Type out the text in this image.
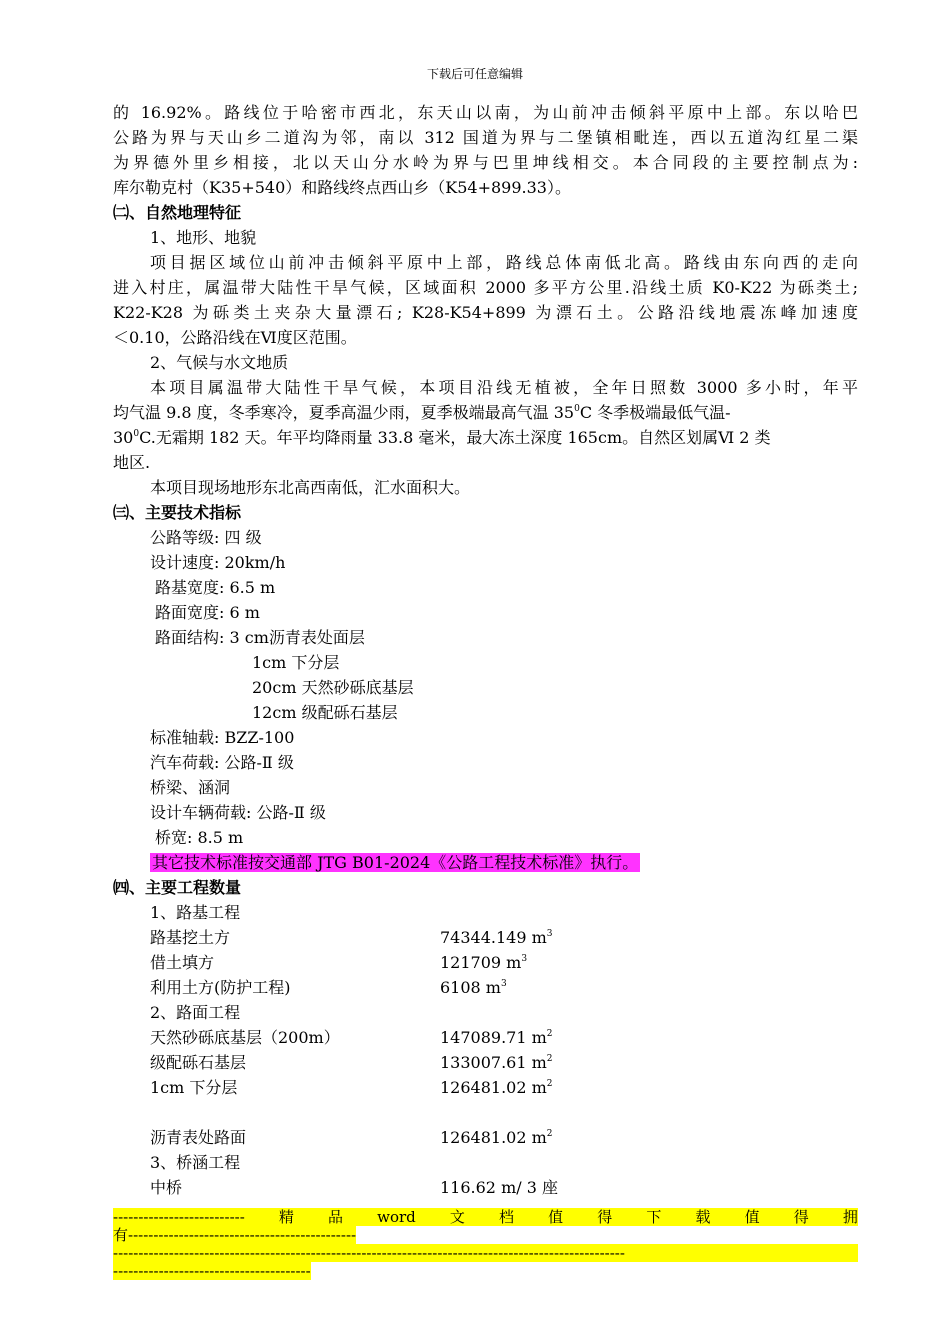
下载后可任意编辑
的 16.92%。路线位于哈密市西北，东天山以南，为山前冲击倾斜平原中上部。东以哈巴
公路为界与天山乡二道沟为邻，南以 312 国道为界与二堡镇相毗连，西以五道沟红星二渠
为界德外里乡相接，北以天山分水岭为界与巴里坤线相交。本合同段的主要控制点为:
库尔勒克村（K35+540）和路线终点西山乡（K54+899.33）。
㈡、自然地理特征
1、地形、地貌
项目据区域位山前冲击倾斜平原中上部，路线总体南低北高。路线由东向西的走向
进入村庄，属温带大陆性干旱气候，区域面积 2000 多平方公里.沿线土质 K0-K22 为砾类土;
K22-K28 为砾类土夹杂大量漂石; K28-K54+899 为漂石土。公路沿线地震冻峰加速度
＜0.10，公路沿线在Ⅵ度区范围。
2、气候与水文地质
本项目属温带大陆性干旱气候，本项目沿线无植被，全年日照数 3000 多小时，年平
均气温 9.8 度，冬季寒冷，夏季高温少雨，夏季极端最高气温 $35^0C$ 冬季极端最低气温-
$30^0C$.无霜期 182 天。年平均降雨量 33.8 毫米，最大冻土深度 165cm。自然区划属Ⅵ 2 类
地区.
本项目现场地形东北高西南低，汇水面积大。
㈢、主要技术指标
公路等级: 四 级
设计速度: 20km/h
路基宽度: 6.5 m
路面宽度: 6 m
路面结构: 3 cm沥青表处面层
1cm 下分层
20cm 天然砂砾底基层
12cm 级配砾石基层
标准轴载: BZZ-100
汽车荷载: 公路-Ⅱ 级
桥梁、涵洞
设计车辆荷载: 公路-Ⅱ 级
桥宽: 8.5 m
其它技术标准按交通部 JTG B01-2024《公路工程技术标准》执行。
㈣、主要工程数量
1、路基工程
路基挖土方	74344.149 $m^3$
借土填方	121709 $m^3$
利用土方(防护工程)	6108 $m^3$
2、路面工程
天然砂砾底基层（200m）	147089.71 $m^2$
级配砾石基层	133007.61 $m^2$
1cm 下分层	126481.02 $m^2$
沥青表处路面	126481.02 $m^2$
3、桥涵工程
中桥	116.62 m/ 3 座
-------------------------- 精 品 word 文 档 值 得 下 载 值 得 拥
有---------------------------------------------
-----------------------------------------------------------------------------------------------------
---------------------------------------
